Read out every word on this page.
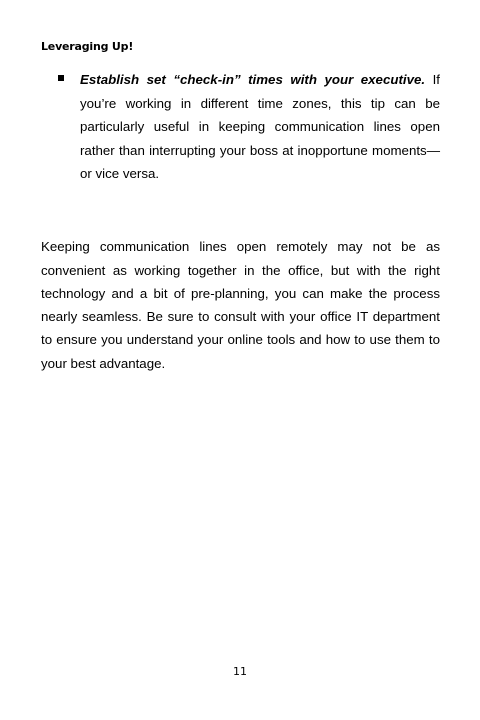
Leveraging Up!
Establish set “check-in” times with your executive. If you’re working in different time zones, this tip can be particularly useful in keeping communication lines open rather than interrupting your boss at inopportune moments—or vice versa.

Keeping communication lines open remotely may not be as convenient as working together in the office, but with the right technology and a bit of pre-planning, you can make the process nearly seamless. Be sure to consult with your office IT department to ensure you understand your online tools and how to use them to your best advantage.

11
